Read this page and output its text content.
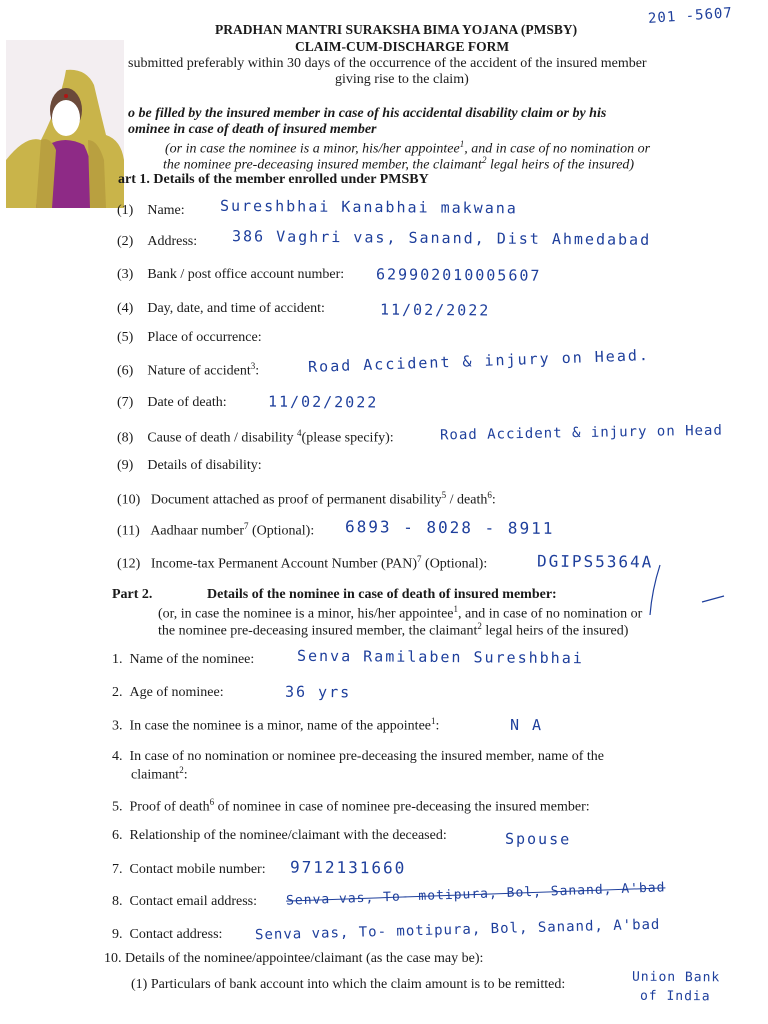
PRADHAN MANTRI SURAKSHA BIMA YOJANA (PMSBY)
201 -5607
CLAIM-CUM-DISCHARGE FORM
submitted preferably within 30 days of the occurrence of the accident of the insured member
giving rise to the claim)
o be filled by the insured member in case of his accidental disability claim or by his
ominee in case of death of insured member
(or in case the nominee is a minor, his/her appointee$^1$, and in case of no nomination or
the nominee pre-deceasing insured member, the claimant$^2$ legal heirs of the insured)
art 1. Details of the member enrolled under PMSBY
(1) Name: Sureshbhai Kanabhai makwana
(2) Address: 386 Vaghri vas, Sanand, Dist Ahmedabad
(3) Bank / post office account number: 629902010005607
(4) Day, date, and time of accident:	11/02/2022
(5) Place of occurrence:
(6) Nature of accident$^3$:	Road Accident & injury on Head.
(7) Date of death:	11/02/2022
(8) Cause of death / disability $^4$(please specify):	Road Accident & injury on Head
(9) Details of disability:
(10) Document attached as proof of permanent disability$^5$ / death$^6$:
(11) Aadhaar number$^7$ (Optional): 6893 - 8028 - 8911
(12) Income-tax Permanent Account Number (PAN)$^7$ (Optional):	DGIPS5364A
Part 2.	Details of the nominee in case of death of insured member:
(or, in case the nominee is a minor, his/her appointee$^1$, and in case of no nomination or
the nominee pre-deceasing insured member, the claimant$^2$ legal heirs of the insured)
1. Name of the nominee:	Senva Ramilaben Sureshbhai
2. Age of nominee:	36 yrs
3. In case the nominee is a minor, name of the appointee$^1$:	N A
4. In case of no nomination or nominee pre-deceasing the insured member, name of the
claimant$^2$:
5. Proof of death$^6$ of nominee in case of nominee pre-deceasing the insured member:
6. Relationship of the nominee/claimant with the deceased:	Spouse
7. Contact mobile number: 9712131660
8. Contact email address: Senva vas, To- motipura, Bol, Sanand, A'bad
9. Contact address: Senva vas, To- motipura, Bol, Sanand, A'bad
10. Details of the nominee/appointee/claimant (as the case may be):
(1) Particulars of bank account into which the claim amount is to be remitted:	Union Bank
of India
